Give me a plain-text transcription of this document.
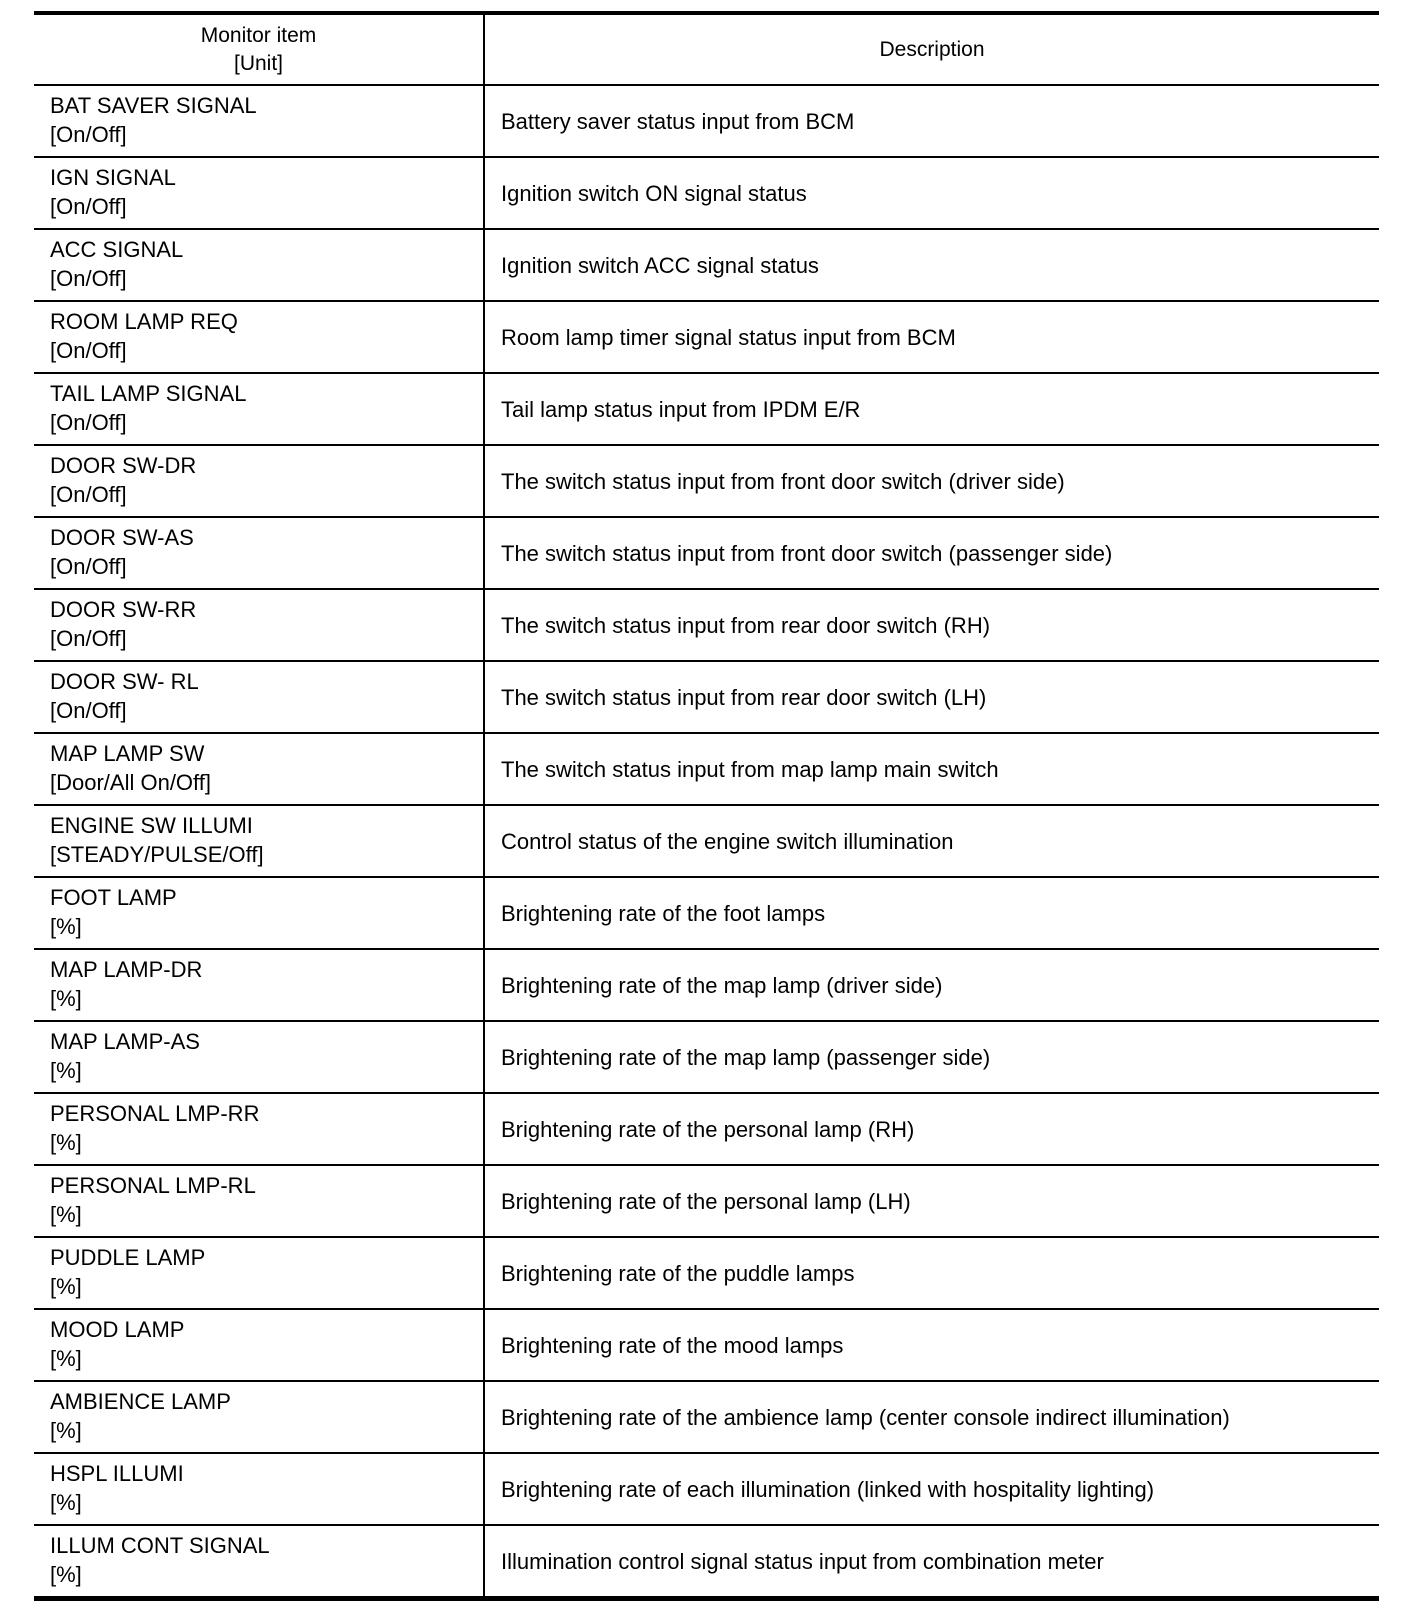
Monitor item
[Unit]	Description

BAT SAVER SIGNAL
[On/Off]	Battery saver status input from BCM

IGN SIGNAL
[On/Off]	Ignition switch ON signal status

ACC SIGNAL
[On/Off]	Ignition switch ACC signal status

ROOM LAMP REQ
[On/Off]	Room lamp timer signal status input from BCM

TAIL LAMP SIGNAL
[On/Off]	Tail lamp status input from IPDM E/R

DOOR SW-DR
[On/Off]	The switch status input from front door switch (driver side)

DOOR SW-AS
[On/Off]	The switch status input from front door switch (passenger side)

DOOR SW-RR
[On/Off]	The switch status input from rear door switch (RH)

DOOR SW- RL
[On/Off]	The switch status input from rear door switch (LH)

MAP LAMP SW
[Door/All On/Off]	The switch status input from map lamp main switch

ENGINE SW ILLUMI
[STEADY/PULSE/Off]	Control status of the engine switch illumination

FOOT LAMP
[%]	Brightening rate of the foot lamps

MAP LAMP-DR
[%]	Brightening rate of the map lamp (driver side)

MAP LAMP-AS
[%]	Brightening rate of the map lamp (passenger side)

PERSONAL LMP-RR
[%]	Brightening rate of the personal lamp (RH)

PERSONAL LMP-RL
[%]	Brightening rate of the personal lamp (LH)

PUDDLE LAMP
[%]	Brightening rate of the puddle lamps

MOOD LAMP
[%]	Brightening rate of the mood lamps

AMBIENCE LAMP
[%]	Brightening rate of the ambience lamp (center console indirect illumination)

HSPL ILLUMI
[%]	Brightening rate of each illumination (linked with hospitality lighting)

ILLUM CONT SIGNAL
[%]	Illumination control signal status input from combination meter
